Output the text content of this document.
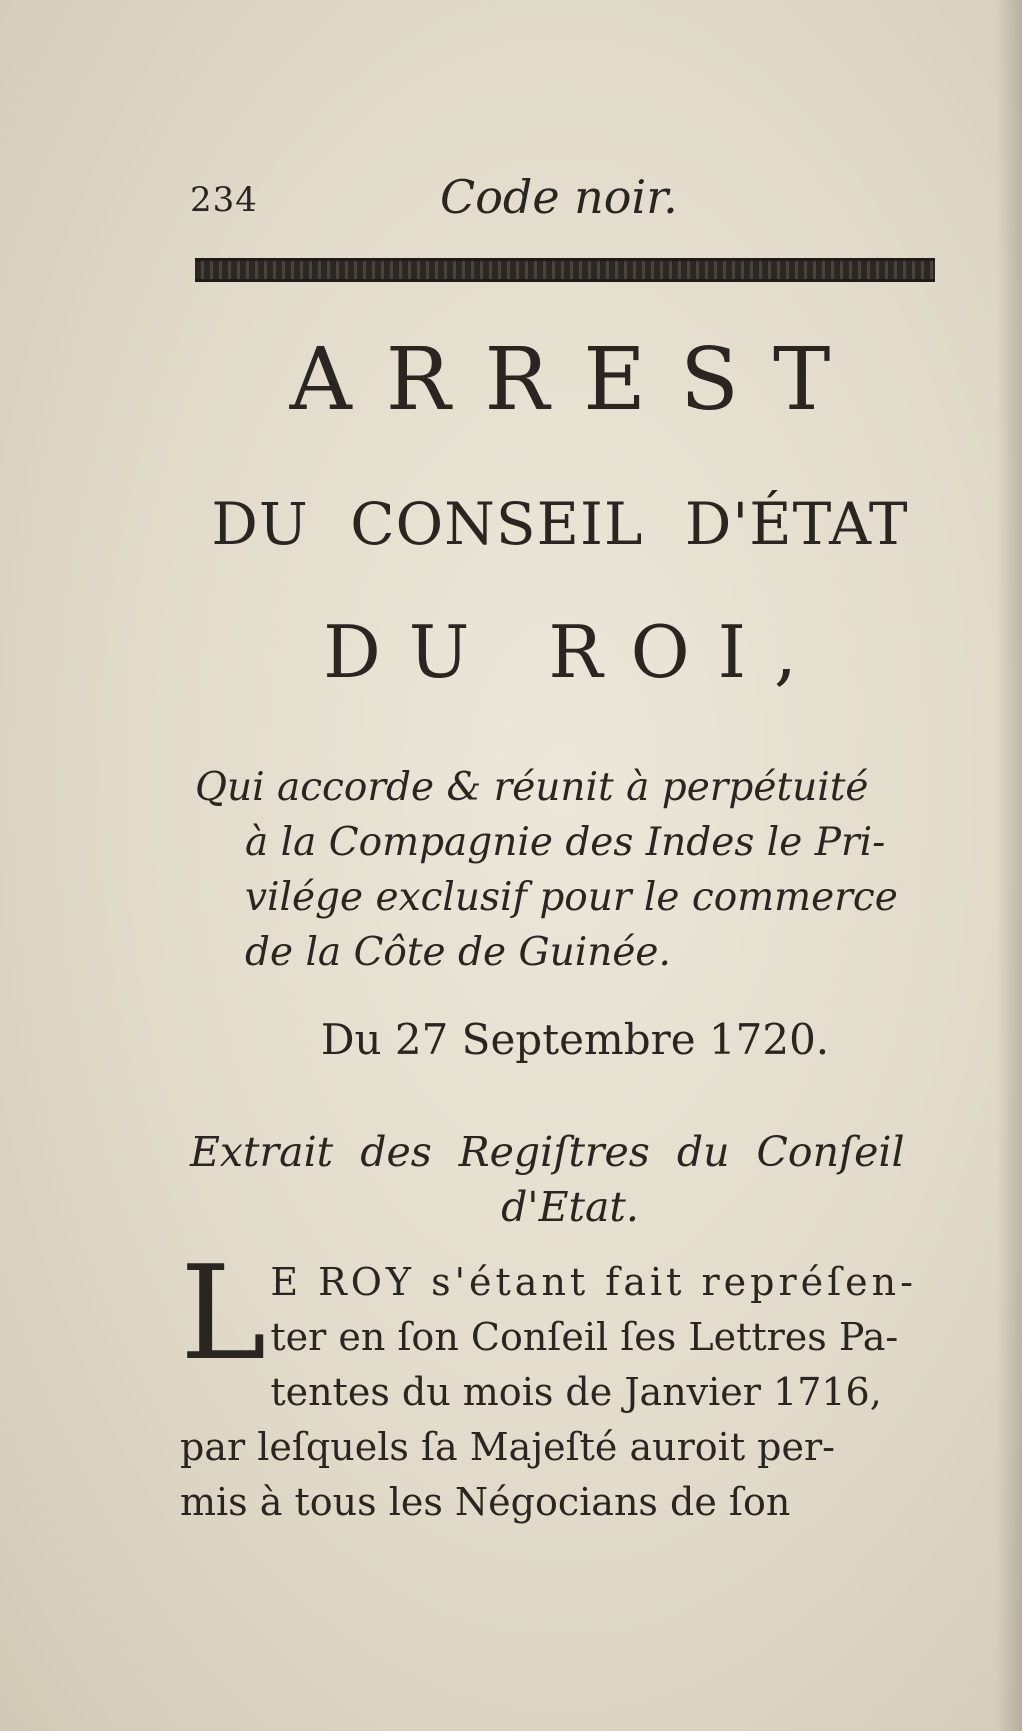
234	Code noir.
ARREST
DU CONSEIL D'ÉTAT
DU ROI,
Qui accorde & réunit à perpétuité
à la Compagnie des Indes le Pri-
vilége exclusif pour le commerce
de la Côte de Guinée.
Du 27 Septembre 1720.
Extrait des Regiſtres du Conſeil
d'Etat.
L E ROY s'étant fait repréſen-
ter en ſon Conſeil ſes Lettres Pa-
tentes du mois de Janvier 1716,
par leſquels ſa Majeſté auroit per-
mis à tous les Négocians de ſon
